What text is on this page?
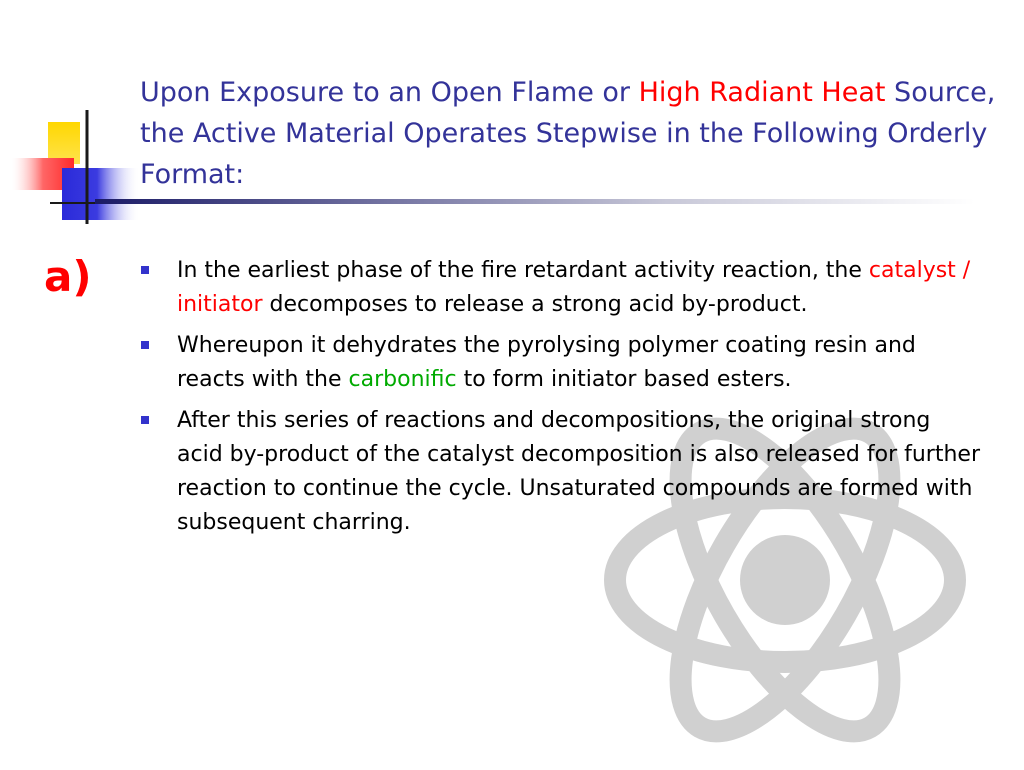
Upon Exposure to an Open Flame or High Radiant Heat Source, the Active Material Operates Stepwise in the Following Orderly Format:
a)	In the earliest phase of the fire retardant activity reaction, the catalyst / initiator decomposes to release a strong acid by-product.
Whereupon it dehydrates the pyrolysing polymer coating resin and reacts with the carbonific to form initiator based esters.
After this series of reactions and decompositions, the original strong acid by-product of the catalyst decomposition is also released for further reaction to continue the cycle. Unsaturated compounds are formed with subsequent charring.
